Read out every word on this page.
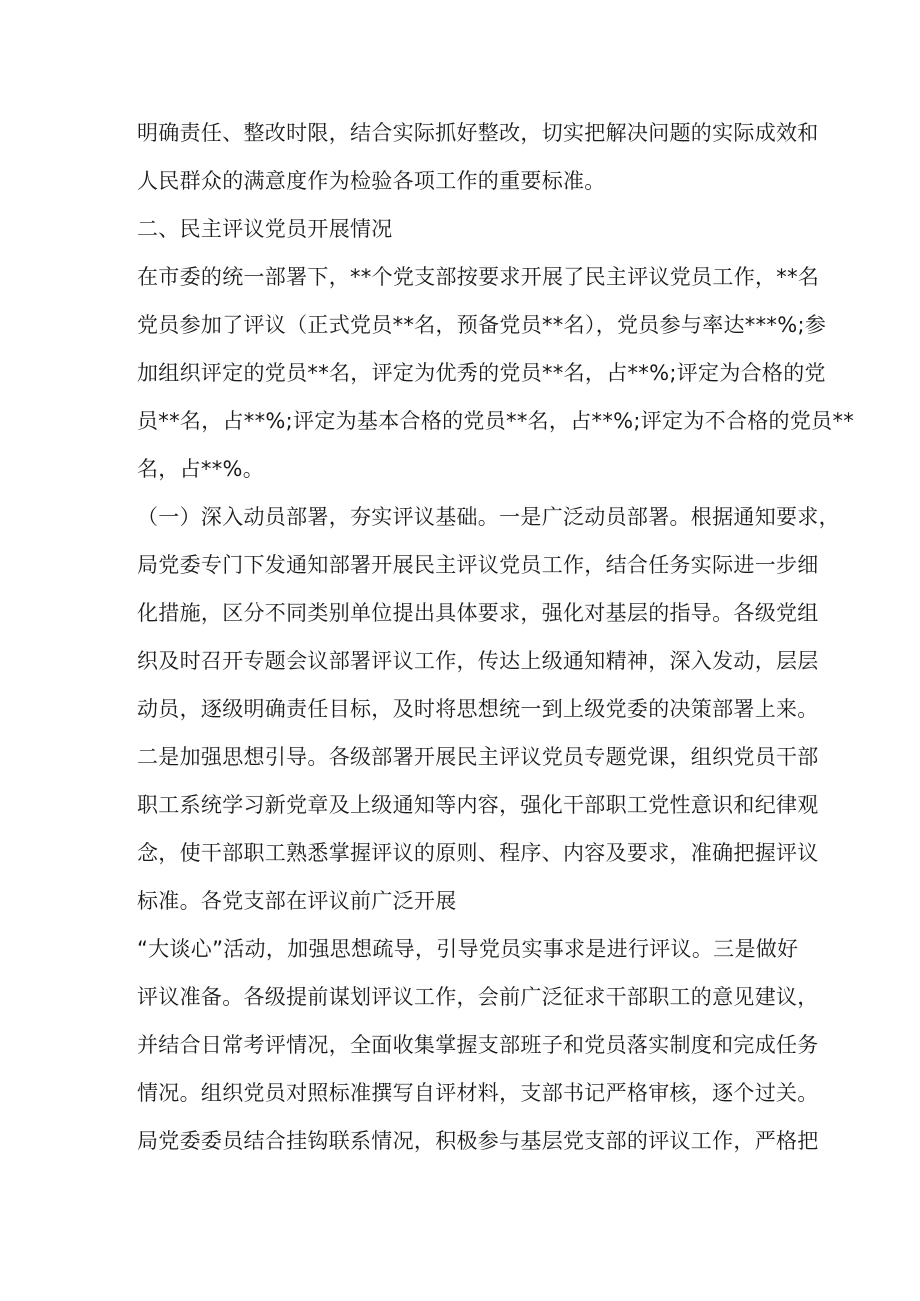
明确责任、整改时限，结合实际抓好整改，切实把解决问题的实际成效和
人民群众的满意度作为检验各项工作的重要标准。
二、民主评议党员开展情况
在市委的统一部署下，**个党支部按要求开展了民主评议党员工作，**名
党员参加了评议（正式党员**名，预备党员**名），党员参与率达***%;参
加组织评定的党员**名，评定为优秀的党员**名，占**%;评定为合格的党
员**名，占**%;评定为基本合格的党员**名，占**%;评定为不合格的党员**
名，占**%。
（一）深入动员部署，夯实评议基础。一是广泛动员部署。根据通知要求，
局党委专门下发通知部署开展民主评议党员工作，结合任务实际进一步细
化措施，区分不同类别单位提出具体要求，强化对基层的指导。各级党组
织及时召开专题会议部署评议工作，传达上级通知精神，深入发动，层层
动员，逐级明确责任目标，及时将思想统一到上级党委的决策部署上来。
二是加强思想引导。各级部署开展民主评议党员专题党课，组织党员干部
职工系统学习新党章及上级通知等内容，强化干部职工党性意识和纪律观
念，使干部职工熟悉掌握评议的原则、程序、内容及要求，准确把握评议
标准。各党支部在评议前广泛开展
“大谈心”活动，加强思想疏导，引导党员实事求是进行评议。三是做好
评议准备。各级提前谋划评议工作，会前广泛征求干部职工的意见建议，
并结合日常考评情况，全面收集掌握支部班子和党员落实制度和完成任务
情况。组织党员对照标准撰写自评材料，支部书记严格审核，逐个过关。
局党委委员结合挂钩联系情况，积极参与基层党支部的评议工作，严格把
